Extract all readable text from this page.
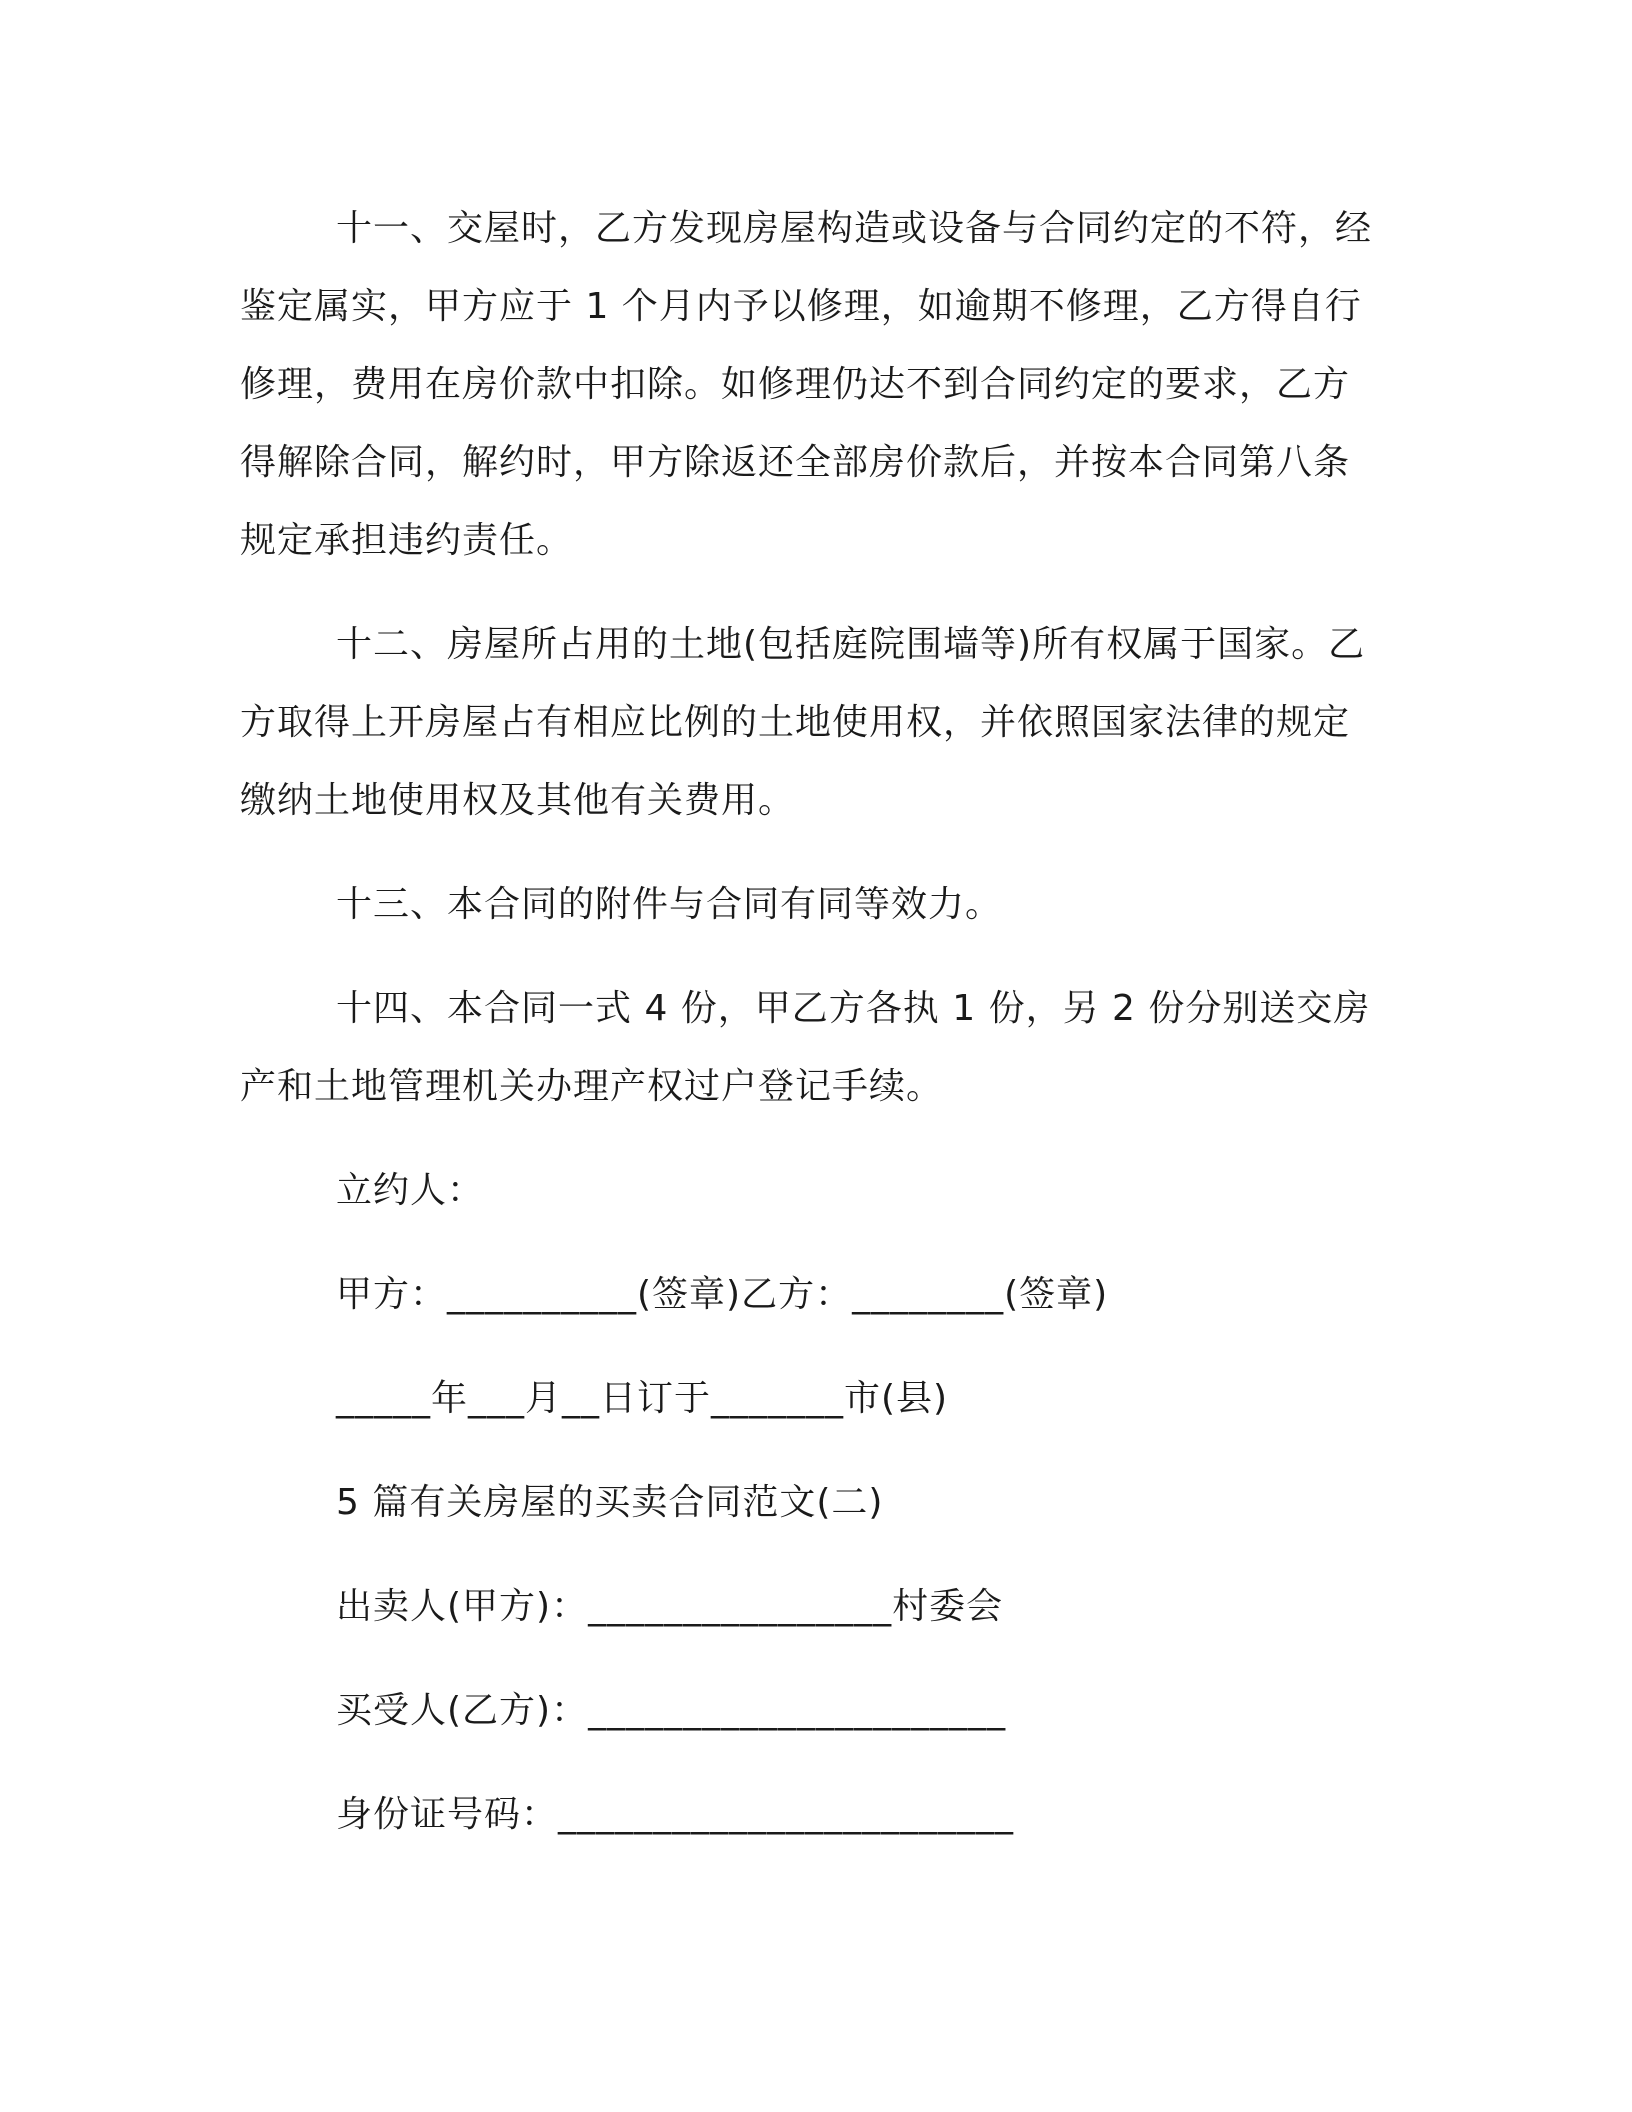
十一、交屋时，乙方发现房屋构造或设备与合同约定的不符，经鉴定属实，甲方应于 1 个月内予以修理，如逾期不修理，乙方得自行修理，费用在房价款中扣除。如修理仍达不到合同约定的要求，乙方得解除合同，解约时，甲方除返还全部房价款后，并按本合同第八条规定承担违约责任。

十二、房屋所占用的土地(包括庭院围墙等)所有权属于国家。乙方取得上开房屋占有相应比例的土地使用权，并依照国家法律的规定缴纳土地使用权及其他有关费用。

十三、本合同的附件与合同有同等效力。

十四、本合同一式 4 份，甲乙方各执 1 份，另 2 份分别送交房产和土地管理机关办理产权过户登记手续。

立约人：

甲方：__________(签章)乙方：________(签章)

_____年___月__日订于_______市(县)

5 篇有关房屋的买卖合同范文(二)

出卖人(甲方)：________________村委会

买受人(乙方)：______________________

身份证号码：________________________
